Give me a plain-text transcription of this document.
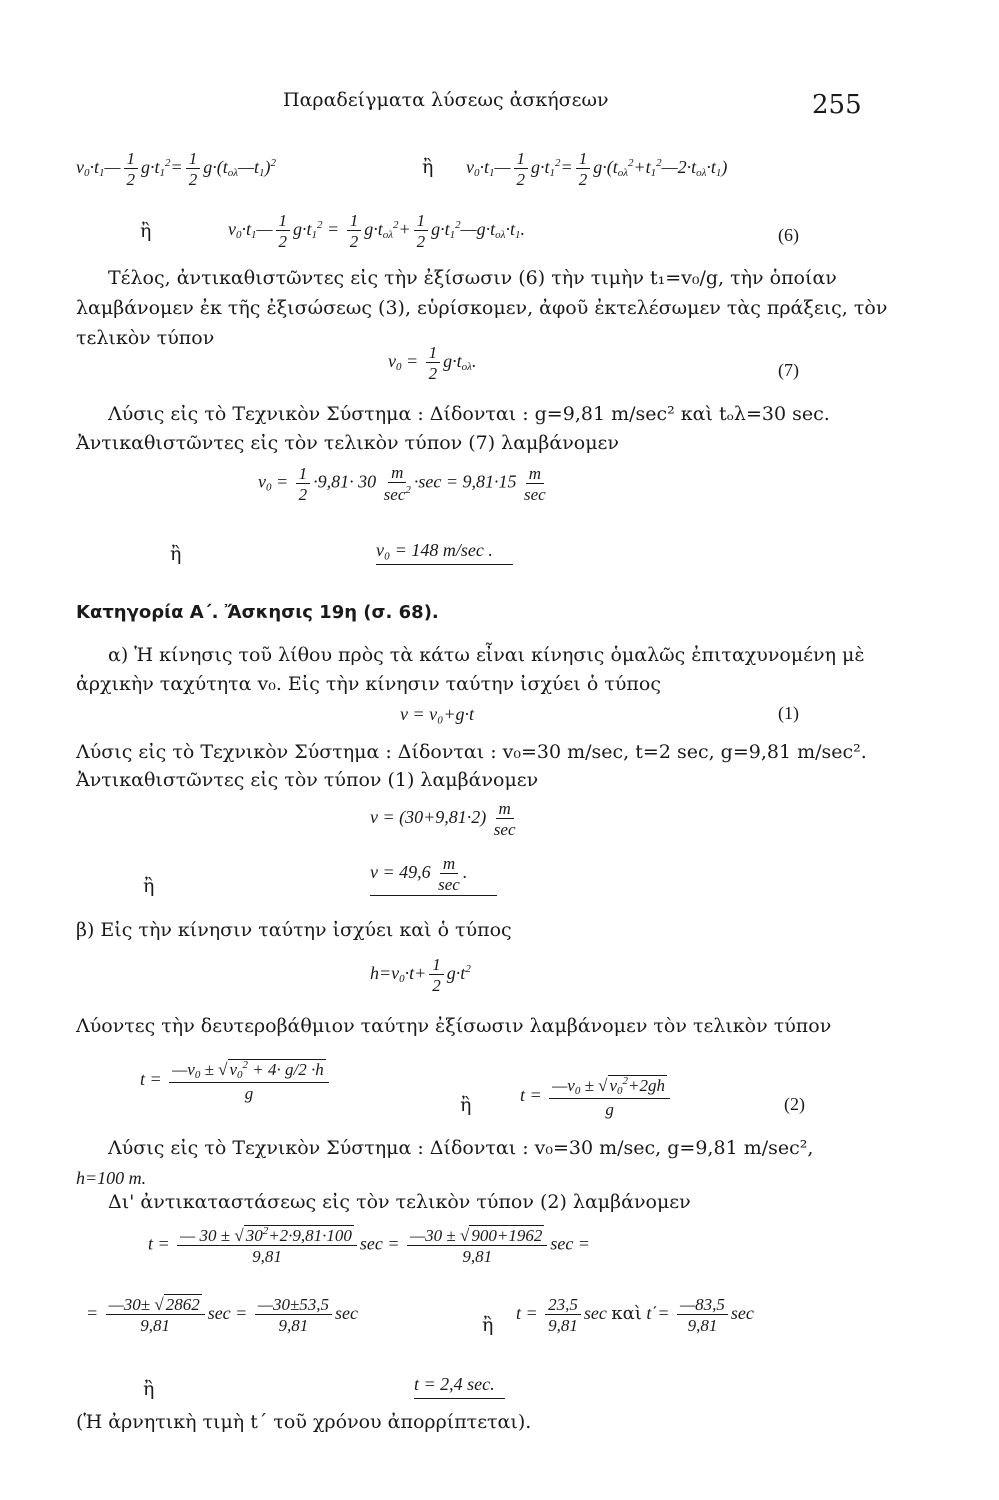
Παραδείγματα λύσεως ἀσκήσεων	255
$v_0\cdot t_1— \frac{1}{2} g\cdot t_1^2= \frac{1}{2}$ $g\cdot(t_{o\lambda}—t_1)^2$	ἢ $v_0\cdot t_1— \frac{1}{2} g\cdot t_1^2= \frac{1}{2}$ $g\cdot(t_{o\lambda}^2+t_1^2—2\cdot t_{o\lambda}\cdot t_1)$
ἢ	$v_0\cdot t_1— \frac{1}{2} g\cdot t_1^2 = \frac{1}{2} g\cdot t_{o\lambda}^2+ \frac{1}{2}$ $g\cdot t_1^2—g\cdot t_{o\lambda}\cdot t_1$.	(6)
Τέλος, ἀντικαθιστῶντες εἰς τὴν ἐξίσωσιν (6) τὴν τιμὴν t₁=v₀/g, τὴν ὁποίαν
λαμβάνομεν ἐκ τῆς ἐξισώσεως (3), εὑρίσκομεν, ἀφοῦ ἐκτελέσωμεν τὰς πράξεις, τὸν
τελικὸν τύπον
$v_0 = \frac{1}{2} g\cdot t_{o\lambda}$.	(7)
Λύσις εἰς τὸ Τεχνικὸν Σύστημα : Δίδονται : g=9,81 m/sec² καὶ tₒλ=30 sec.
Ἀντικαθιστῶντες εἰς τὸν τελικὸν τύπον (7) λαμβάνομεν
$v_0 = \frac{1}{2} \cdot 9,81\cdot 30 \frac{m}{\sec^2} \cdot\sec = 9,81\cdot 15 \frac{m}{\sec}$
ἢ	v₀ = 148 m/sec .
Κατηγορία Α΄. Ἄσκησις 19η (σ. 68).
α) Ἡ κίνησις τοῦ λίθου πρὸς τὰ κάτω εἶναι κίνησις ὁμαλῶς ἐπιταχυνομένη μὲ
ἀρχικὴν ταχύτητα v₀. Εἰς τὴν κίνησιν ταύτην ἰσχύει ὁ τύπος
v = v₀+g·t	(1)
Λύσις εἰς τὸ Τεχνικὸν Σύστημα : Δίδονται : v₀=30 m/sec, t=2 sec, g=9,81 m/sec².
Ἀντικαθιστῶντες εἰς τὸν τύπον (1) λαμβάνομεν
$v = (30+9,81\cdot 2) \frac{m}{\sec}$
ἢ
$v = 49,6 \frac{m}{\sec}$ .
β) Εἰς τὴν κίνησιν ταύτην ἰσχύει καὶ ὁ τύπος
$h=v_0\cdot t+ \frac{1}{2} g\cdot t^2$
Λύοντες τὴν δευτεροβάθμιον ταύτην ἐξίσωσιν λαμβάνομεν τὸν τελικὸν τύπον
$t = \frac{—v_0 \pm √ v_0^2 + 4\cdot g/2 \cdot h}{g}$
ἢ	$t = \frac{—v_0 \pm √ v_0^2+2gh}{g}$	(2)
Λύσις εἰς τὸ Τεχνικὸν Σύστημα : Δίδονται : v₀=30 m/sec, g=9,81 m/sec²,
h=100 m.
Δι' ἀντικαταστάσεως εἰς τὸν τελικὸν τύπον (2) λαμβάνομεν
$t = \frac{— 30 \pm √ 30^2+2\cdot 9,81\cdot 100}{9,81}$ $\sec = \frac{—30 \pm √ 900+1962}{9,81}$ sec =
= $\frac{—30\pm √ 2862}{9,81}$ $\sec = \frac{—30\pm 53,5}{9,81}$ sec
ἢ
$t = \frac{23,5}{9,81}$ sec καὶ $t΄= \frac{—83,5}{9,81}$ sec
ἢ	t = 2,4 sec.
(Ἡ ἀρνητικὴ τιμὴ t΄ τοῦ χρόνου ἀπορρίπτεται).
